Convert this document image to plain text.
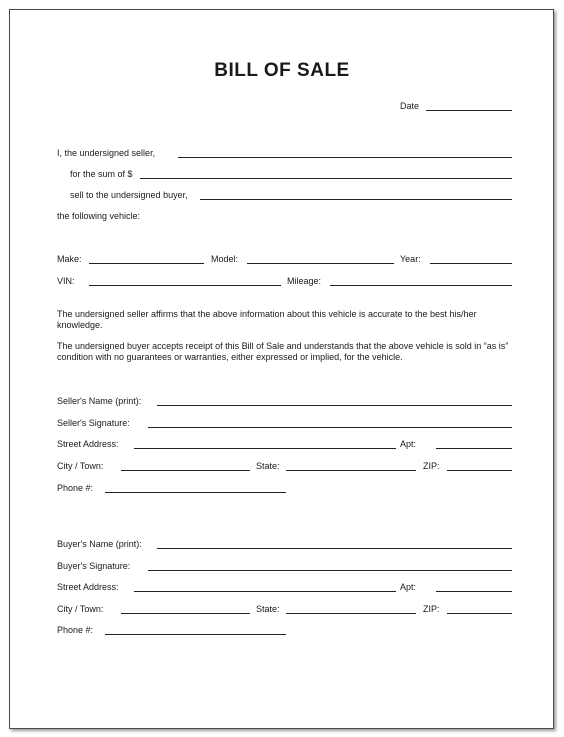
BILL OF SALE
Date
I, the undersigned seller,
for the sum of $
sell to the undersigned buyer,
the following vehicle:
Make:	Model:	Year:
VIN:	Mileage:
The undersigned seller affirms that the above information about this vehicle is accurate to the best his/her knowledge.
The undersigned buyer accepts receipt of this Bill of Sale and understands that the above vehicle is sold in “as is” condition with no guarantees or warranties, either expressed or implied, for the vehicle.
Seller's Name (print):
Seller's Signature:
Street Address:	Apt:
City / Town:	State:	ZIP:
Phone #:
Buyer's Name (print):
Buyer's Signature:
Street Address:	Apt:
City / Town:	State:	ZIP:
Phone #:
